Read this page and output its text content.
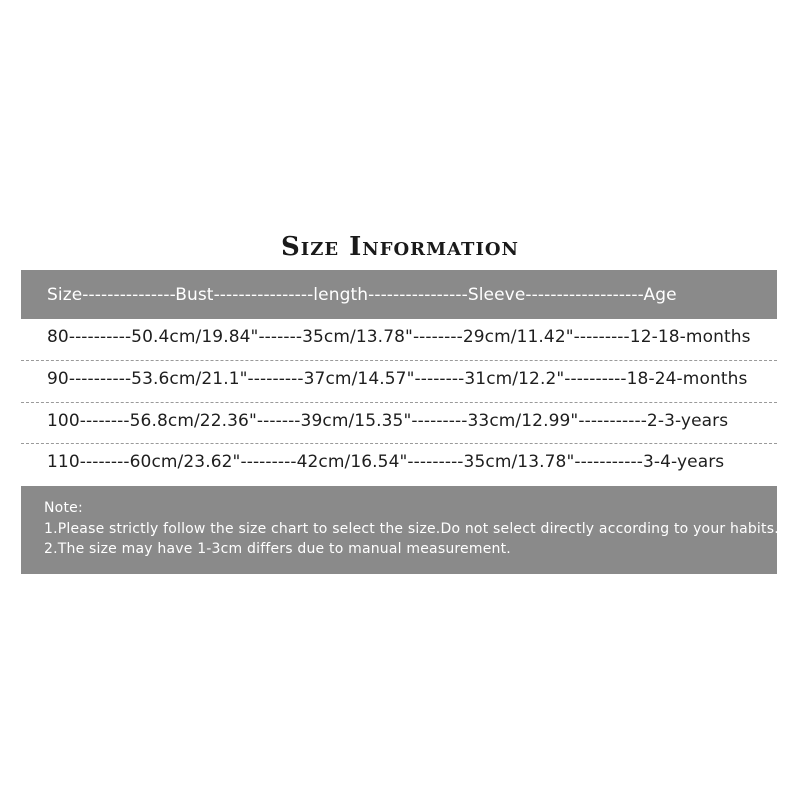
Size Information
Size---------------Bust----------------length----------------Sleeve-------------------Age
80----------50.4cm/19.84"-------35cm/13.78"--------29cm/11.42"---------12-18-months
90----------53.6cm/21.1"---------37cm/14.57"--------31cm/12.2"----------18-24-months
100--------56.8cm/22.36"-------39cm/15.35"---------33cm/12.99"-----------2-3-years
110--------60cm/23.62"---------42cm/16.54"---------35cm/13.78"-----------3-4-years
Note:
1.Please strictly follow the size chart to select the size.Do not select directly according to your habits.
2.The size may have 1-3cm differs due to manual measurement.
